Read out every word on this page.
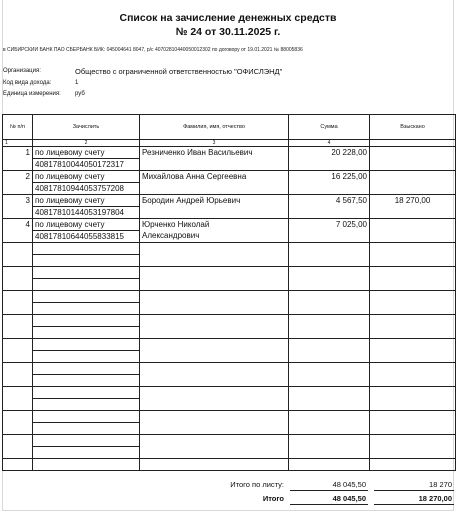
Список на зачисление денежных средств
№ 24 от 30.11.2025 г.
в СИБИРСКИЙ БАНК ПАО СБЕРБАНК БИК: 045004641 8047, р/с 40702810440050012302 по договору от 19.01.2021 № 88005836
Организация:	Общество с ограниченной ответственностью "ОФИСЛЭНД"
Код вида дохода:	1
Единица измерения: руб
№ п/п	Зачислить	Фамилия, имя, отчество	Сумма	Взыскано
1	2	3	4	
1	по лицевому счету	Резниченко Иван Васильевич	20 228,00	
	40817810044050172317			
2	по лицевому счету	Михайлова Анна Сергеевна	16 225,00	
	40817810944053757208			
3	по лицевому счету	Бородин Андрей Юрьевич	4 567,50	18 270,00
	40817810144053197804			
4	по лицевому счету	Юрченко Николай
Александрович	7 025,00	
	40817810644055833815			

Итого по листу:	48 045,50	18 270
Итого	48 045,50	18 270,00
